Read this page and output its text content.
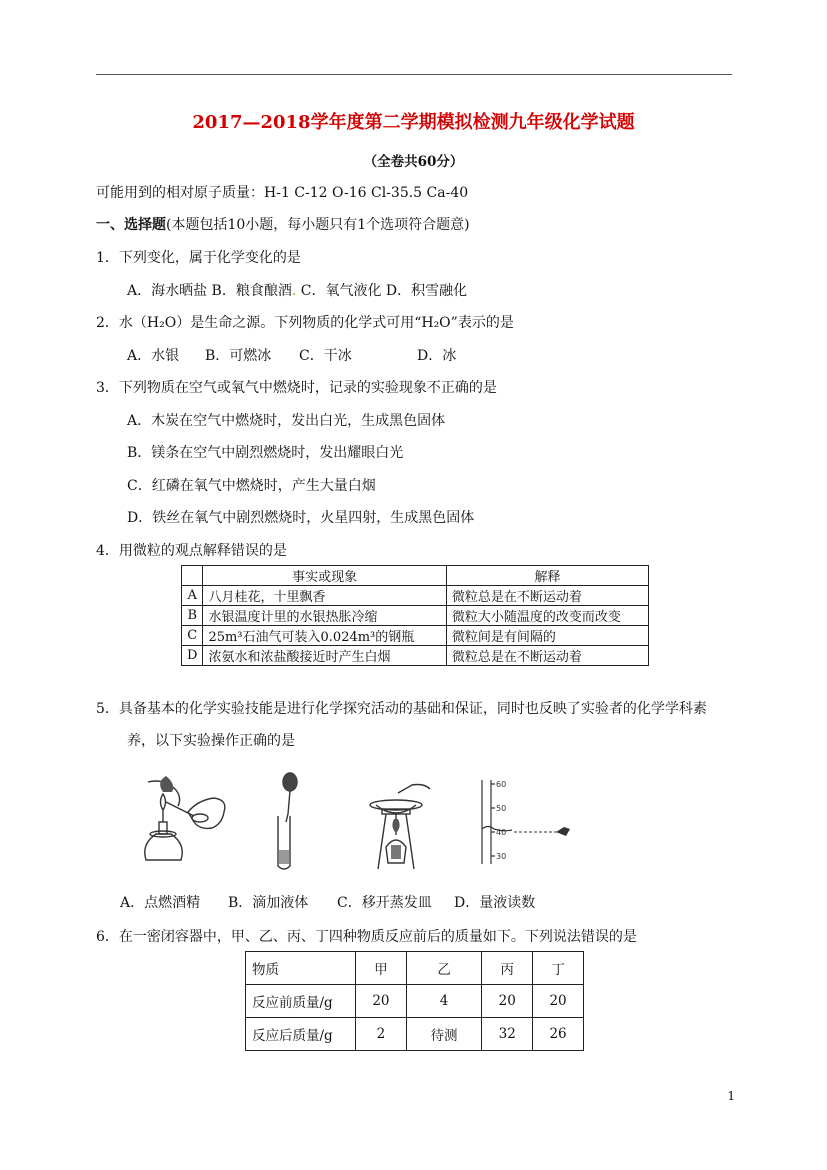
2017—2018学年度第二学期模拟检测九年级化学试题
（全卷共60分）
可能用到的相对原子质量：H-1 C-12 O-16 Cl-35.5 Ca-40
一、选择题(本题包括10小题，每小题只有1个选项符合题意)
1．下列变化，属于化学变化的是
A．海水晒盐 B．粮食酿酒. C．氧气液化 D．积雪融化
2．水（H₂O）是生命之源。下列物质的化学式可用“H₂O”表示的是
A．水银 B．可燃冰 C．干冰	D．冰
3．下列物质在空气或氧气中燃烧时，记录的实验现象不正确的是
A．木炭在空气中燃烧时，发出白光，生成黑色固体
B．镁条在空气中剧烈燃烧时，发出耀眼白光
C．红磷在氧气中燃烧时，产生大量白烟
D．铁丝在氧气中剧烈燃烧时，火星四射，生成黑色固体
4．用微粒的观点解释错误的是
	事实或现象	解释
A	八月桂花，十里飘香	微粒总是在不断运动着
B	水银温度计里的水银热胀冷缩	微粒大小随温度的改变而改变
C	25m³石油气可装入0.024m³的钢瓶	微粒间是有间隔的
D	浓氨水和浓盐酸接近时产生白烟	微粒总是在不断运动着
5．具备基本的化学实验技能是进行化学探究活动的基础和保证，同时也反映了实验者的化学学科素
养，以下实验操作正确的是
60
50
40
30
A．点燃酒精 B．滴加液体 C．移开蒸发皿 D．量液读数
6．在一密闭容器中，甲、乙、丙、丁四种物质反应前后的质量如下。下列说法错误的是
物质	甲	乙	丙	丁
反应前质量/g	20	4	20	20
反应后质量/g	2	待测	32	26
1
